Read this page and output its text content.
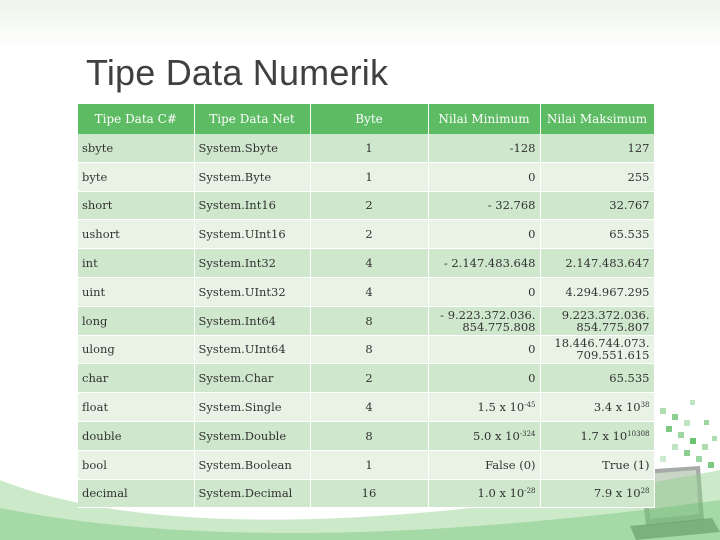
Tipe Data Numerik
Tipe Data C#	Tipe Data Net	Byte	Nilai Minimum	Nilai Maksimum
sbyte	System.Sbyte	1	-128	127
byte	System.Byte	1	0	255
short	System.Int16	2	- 32.768	32.767
ushort	System.UInt16	2	0	65.535
int	System.Int32	4	- 2.147.483.648	2.147.483.647
uint	System.UInt32	4	0	4.294.967.295
long	System.Int64	8	- 9.223.372.036. 854.775.808	9.223.372.036. 854.775.807
ulong	System.UInt64	8	0	18.446.744.073. 709.551.615
char	System.Char	2	0	65.535
float	System.Single	4	1.5 x $10^{-45}$	3.4 x $10^{38}$
double	System.Double	8	5.0 x $10^{-324}$	1.7 x $10^{10308}$
bool	System.Boolean	1	False (0)	True (1)
decimal	System.Decimal	16	1.0 x $10^{-28}$	7.9 x $10^{28}$
